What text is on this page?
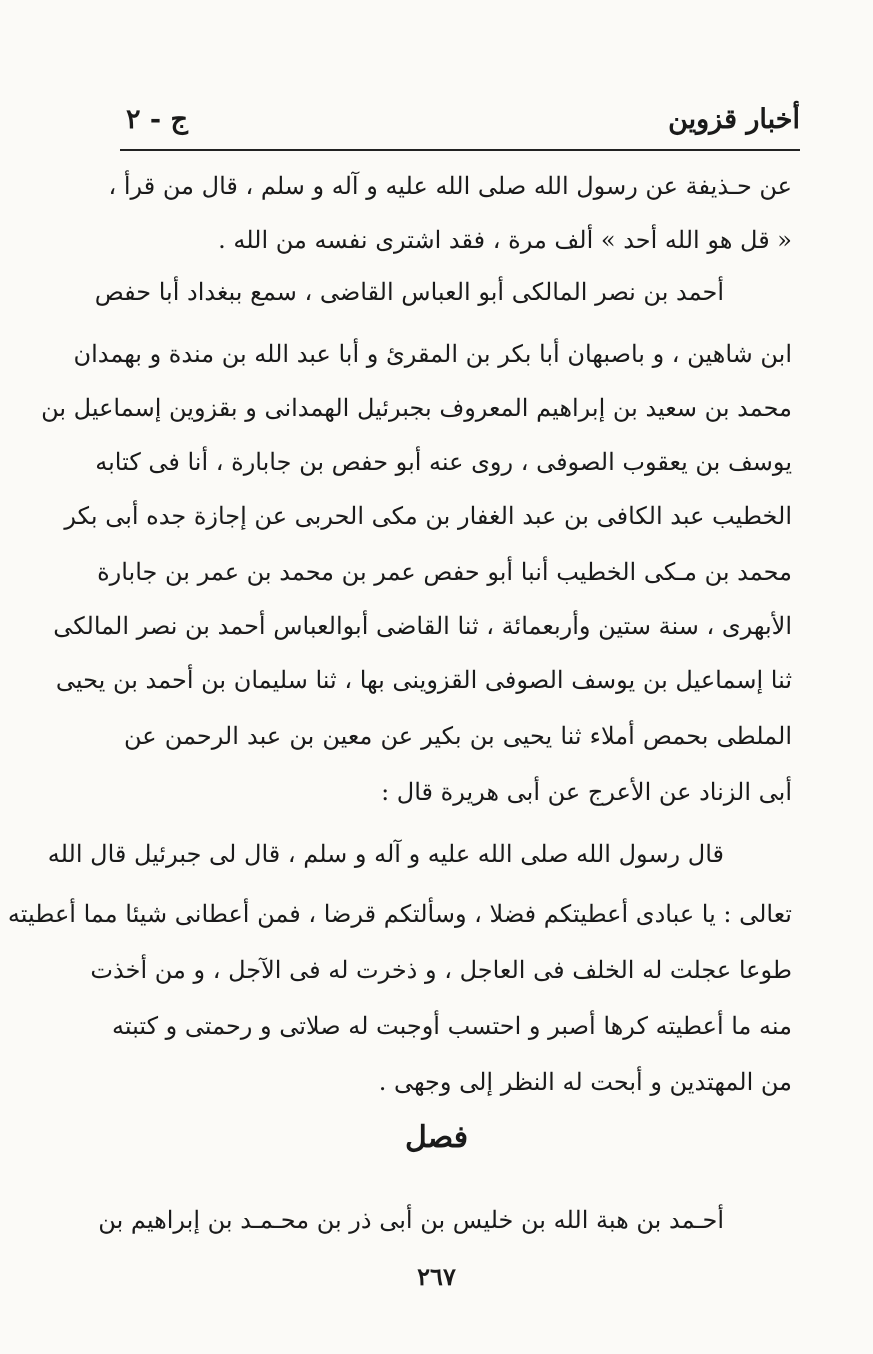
أخبار قزوين
ج - ٢
عن حـذيفة عن رسول الله صلى الله عليه و آله و سلم ، قال من قرأ ،
« قل هو الله أحد » ألف مرة ، فقد اشترى نفسه من الله .
أحمد بن نصر المالكى أبو العباس القاضى ، سمع ببغداد أبا حفص
ابن شاهين ، و باصبهان أبا بكر بن المقرئ و أبا عبد الله بن مندة و بهمدان
محمد بن سعيد بن إبراهيم المعروف بجبرئيل الهمدانى و بقزوين إسماعيل بن
يوسف بن يعقوب الصوفى ، روى عنه أبو حفص بن جابارة ، أنا فى كتابه
الخطيب عبد الكافى بن عبد الغفار بن مكى الحربى عن إجازة جده أبى بكر
محمد بن مـكى الخطيب أنبا أبو حفص عمر بن محمد بن عمر بن جابارة
الأبهرى ، سنة ستين وأربعمائة ، ثنا القاضى أبوالعباس أحمد بن نصر المالكى
ثنا إسماعيل بن يوسف الصوفى القزوينى بها ، ثنا سليمان بن أحمد بن يحيى
الملطى بحمص أملاء ثنا يحيى بن بكير عن معين بن عبد الرحمن عن
أبى الزناد عن الأعرج عن أبى هريرة قال :
قال رسول الله صلى الله عليه و آله و سلم ، قال لى جبرئيل قال الله
تعالى : يا عبادى أعطيتكم فضلا ، وسألتكم قرضا ، فمن أعطانى شيئا مما أعطيته
طوعا عجلت له الخلف فى العاجل ، و ذخرت له فى الآجل ، و من أخذت
منه ما أعطيته كرها أصبر و احتسب أوجبت له صلاتى و رحمتى و كتبته
من المهتدين و أبحت له النظر إلى وجهى .
أحـمد بن هبة الله بن خليس بن أبى ذر بن محـمـد بن إبراهيم بن
فصل
٢٦٧
